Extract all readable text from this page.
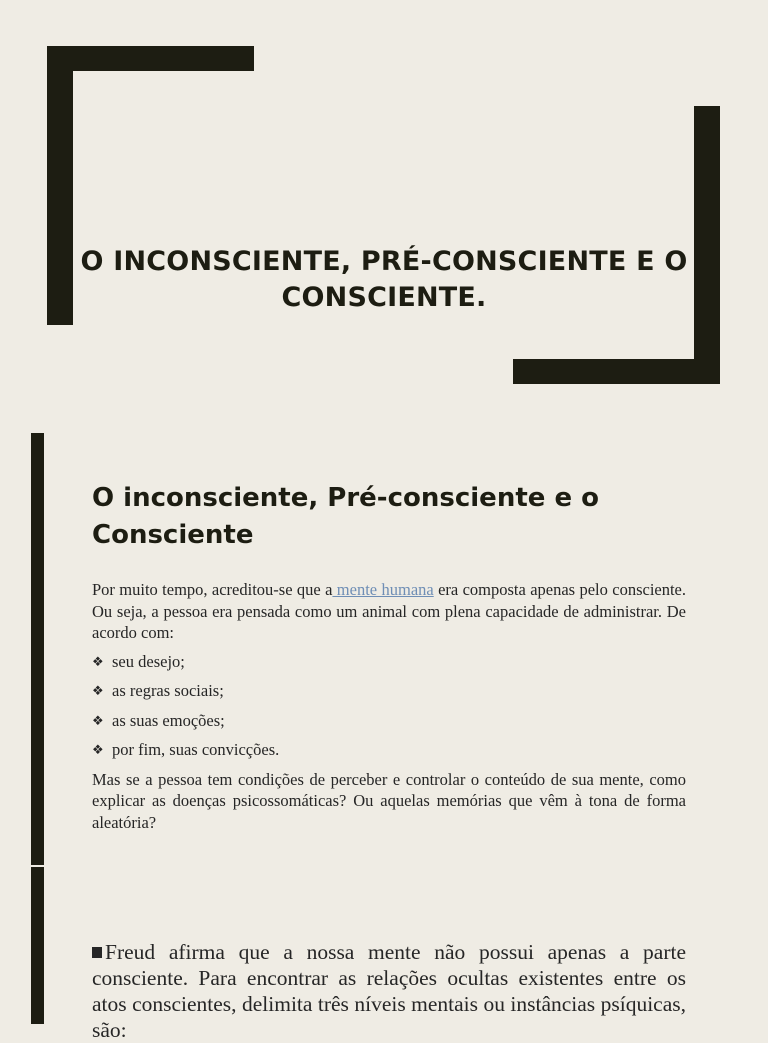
O INCONSCIENTE, PRÉ-CONSCIENTE E O
CONSCIENTE.
O inconsciente, Pré-consciente e o
Consciente

Por muito tempo, acreditou-se que a mente humana era composta apenas pelo consciente. Ou seja, a pessoa era pensada como um animal com plena capacidade de administrar. De acordo com:

❖ seu desejo;
❖ as regras sociais;
❖ as suas emoções;
❖ por fim, suas convicções.

Mas se a pessoa tem condições de perceber e controlar o conteúdo de sua mente, como explicar as doenças psicossomáticas? Ou aquelas memórias que vêm à tona de forma aleatória?

Freud afirma que a nossa mente não possui apenas a parte consciente. Para encontrar as relações ocultas existentes entre os atos conscientes, delimita três níveis mentais ou instâncias psíquicas, são:
